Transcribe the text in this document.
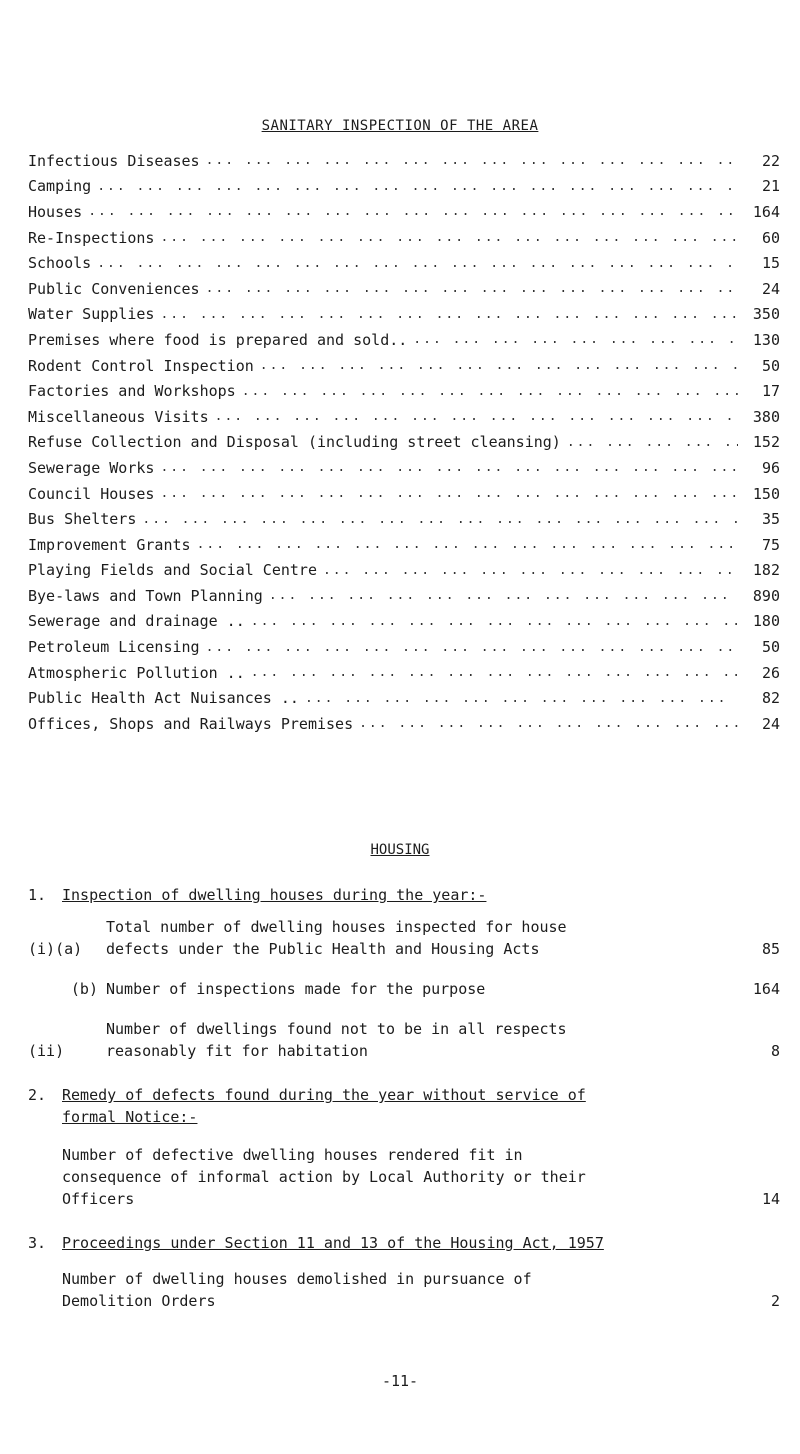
SANITARY INSPECTION OF THE AREA
Infectious Diseases ... .	22
Camping ... .	21
Houses ... .	164
Re-Inspections ... .	60
Schools ... .	15
Public Conveniences ... .	24
Water Supplies ... .	350
Premises where food is prepared and sold.. ... .	130
Rodent Control Inspection ... .	50
Factories and Workshops ... .	17
Miscellaneous Visits ... .	380
Refuse Collection and Disposal (including street cleansing) ... .	152
Sewerage Works ... .	96
Council Houses ... .	150
Bus Shelters ... .	35
Improvement Grants ... .	75
Playing Fields and Social Centre ... .	182
Bye-laws and Town Planning ... .	890
Sewerage and drainage .. ... .	180
Petroleum Licensing ... .	50
Atmospheric Pollution .. ... .	26
Public Health Act Nuisances .. ... .	82
Offices, Shops and Railways Premises ... .	24
HOUSING
1.	Inspection of dwelling houses during the year:-
(i)(a)
Total number of dwelling houses inspected for house
defects under the Public Health and Housing Acts	85
(b) Number of inspections made for the purpose	164
(ii)
Number of dwellings found not to be in all respects
reasonably fit for habitation	8
2.	Remedy of defects found during the year without service of
formal Notice:-
Number of defective dwelling houses rendered fit in
consequence of informal action by Local Authority or their
Officers	14
3.	Proceedings under Section 11 and 13 of the Housing Act, 1957
Number of dwelling houses demolished in pursuance of
Demolition Orders	2
-11-
